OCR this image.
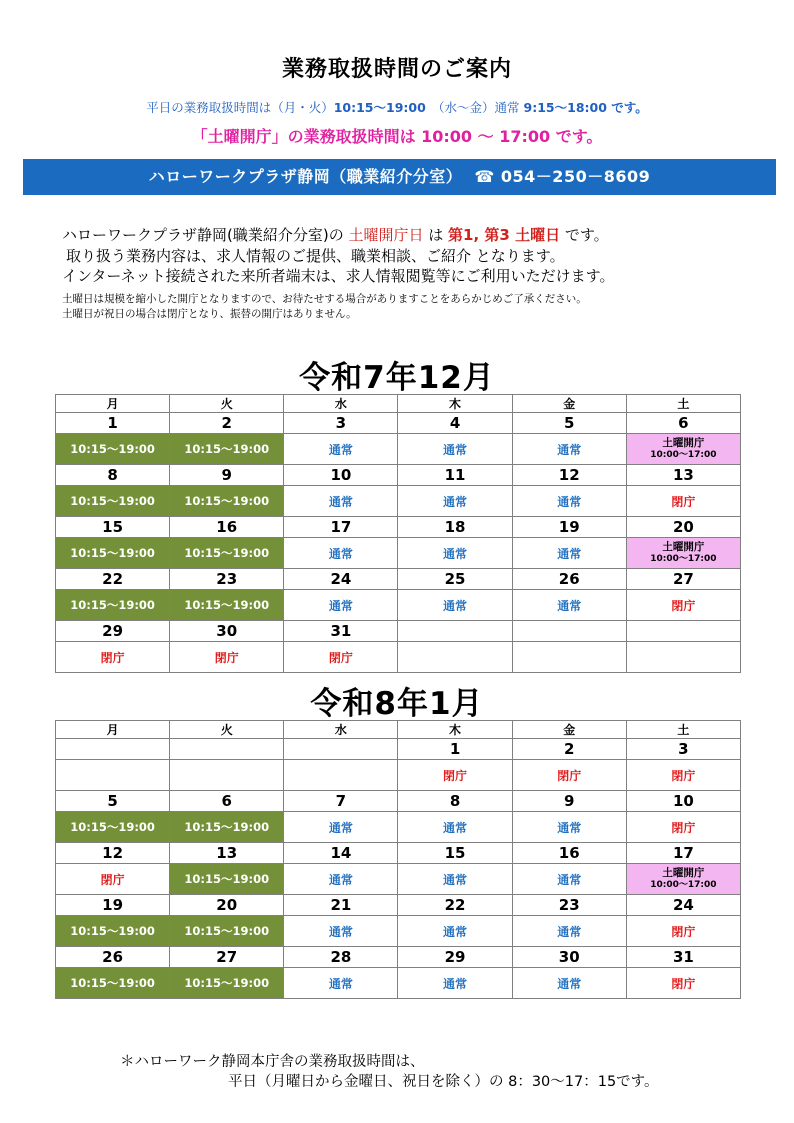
業務取扱時間のご案内
平日の業務取扱時間は（月・火）10:15～19:00　（水～金）通常 9:15～18:00 です。
「土曜開庁」の業務取扱時間は 10:00 ～ 17:00 です。
ハローワークプラザ静岡（職業紹介分室） ☎ 054－250－8609
ハローワークプラザ静岡(職業紹介分室)の 土曜開庁日 は 第1, 第3 土曜日 です。
取り扱う業務内容は、求人情報のご提供、職業相談、ご紹介 となります。
インターネット接続された来所者端末は、求人情報閲覧等にご利用いただけます。
土曜日は規模を縮小した開庁となりますので、お待たせする場合がありますことをあらかじめご了承ください。
土曜日が祝日の場合は閉庁となり、振替の開庁はありません。
令和7年12月
月	火	水	木	金	土
1	2	3	4	5	6
10:15～19:00	10:15～19:00	通常	通常	通常	土曜開庁
10:00～17:00

8	9	10	11	12	13
10:15～19:00	10:15～19:00	通常	通常	通常	閉庁
15	16	17	18	19	20
10:15～19:00	10:15～19:00	通常	通常	通常	土曜開庁
10:00～17:00

22	23	24	25	26	27
10:15～19:00	10:15～19:00	通常	通常	通常	閉庁
29	30	31			
閉庁	閉庁	閉庁			
令和8年1月
月	火	水	木	金	土
			1	2	3
			閉庁	閉庁	閉庁
5	6	7	8	9	10
10:15～19:00	10:15～19:00	通常	通常	通常	閉庁
12	13	14	15	16	17
閉庁	10:15～19:00	通常	通常	通常	土曜開庁
10:00～17:00

19	20	21	22	23	24
10:15～19:00	10:15～19:00	通常	通常	通常	閉庁
26	27	28	29	30	31
10:15～19:00	10:15～19:00	通常	通常	通常	閉庁
＊ハローワーク静岡本庁舎の業務取扱時間は、
平日（月曜日から金曜日、祝日を除く）の 8：30～17：15です。
